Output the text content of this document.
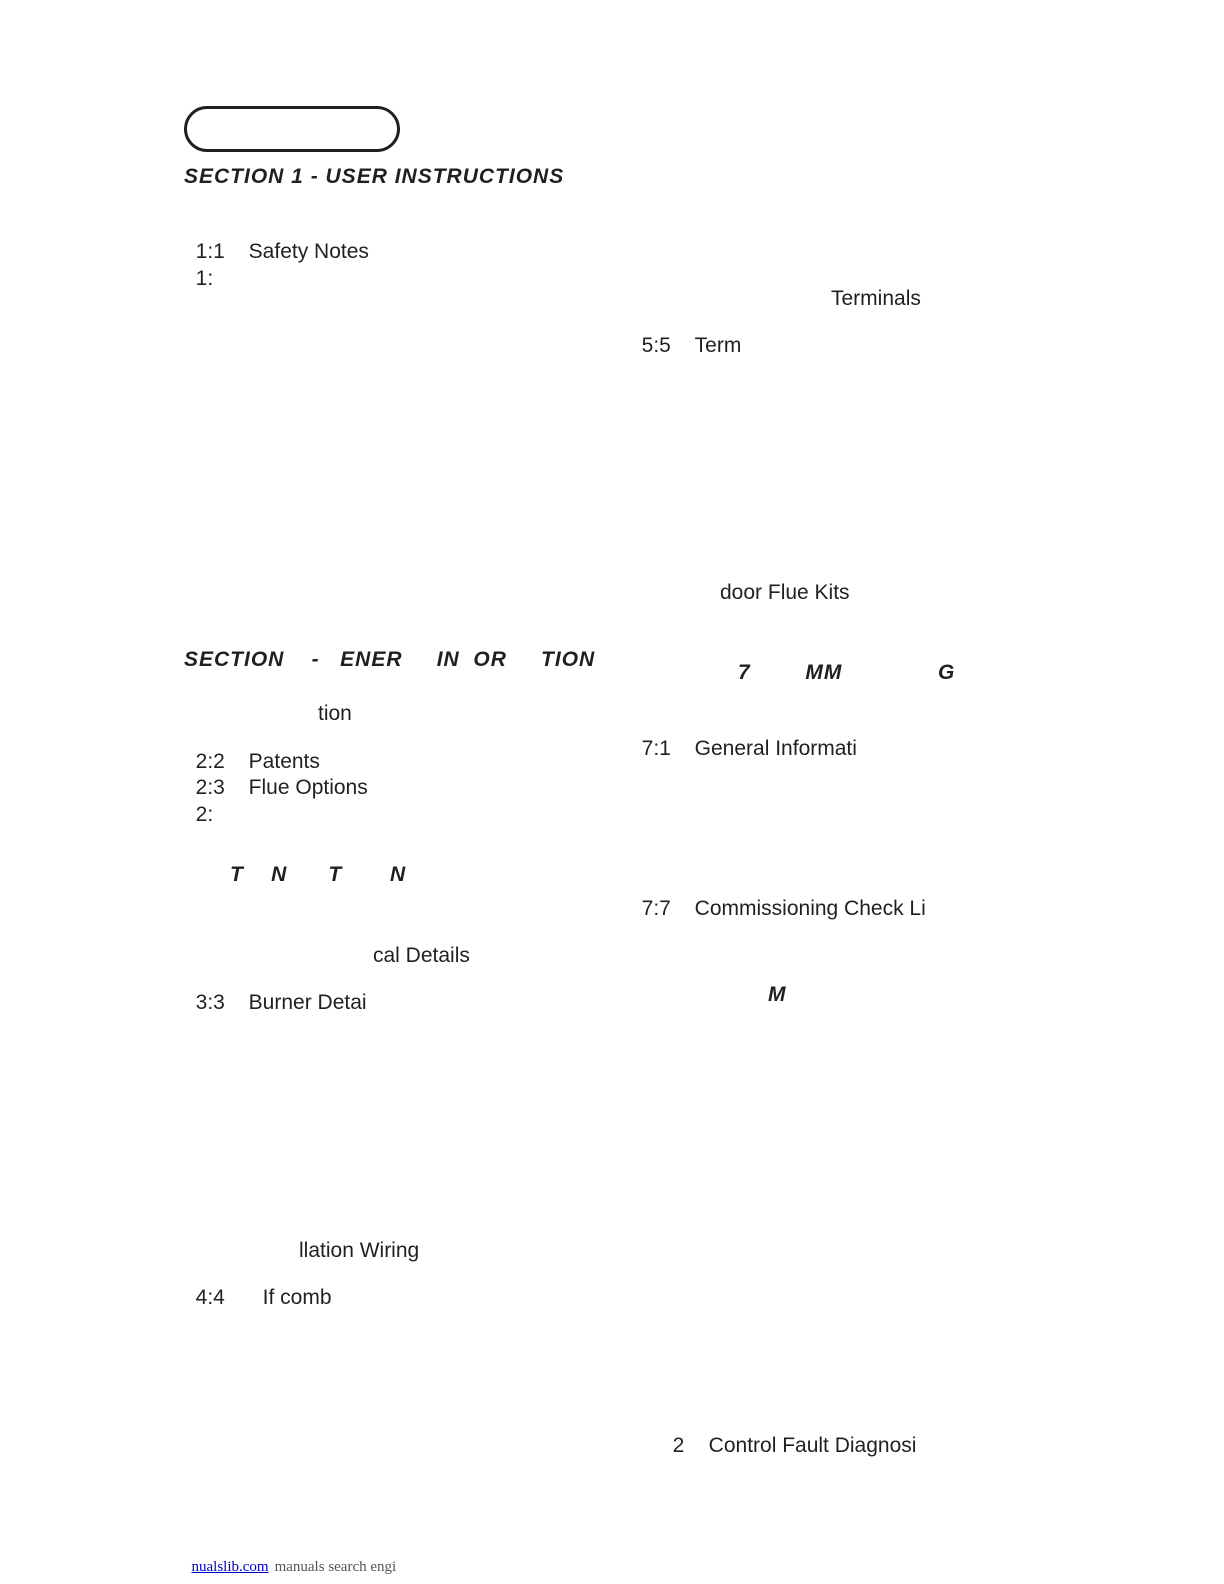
SECTION 1 - USER INSTRUCTIONS

1:1 Safety Notes

1:

Terminals

5:5 Term

door Flue Kits
SECTION    -   ENER     IN  OR     TION
7        MM              G
tion

7:1 General Informati

2:2 Patents

2:3 Flue Options

2:

T    N      T       N

7:7 Commissioning Check Li

cal Details

3:3 Burner Detai	M
llation Wiring

4:4 If comb

2 Control Fault Diagnosi

nualslib.com manuals search engi
